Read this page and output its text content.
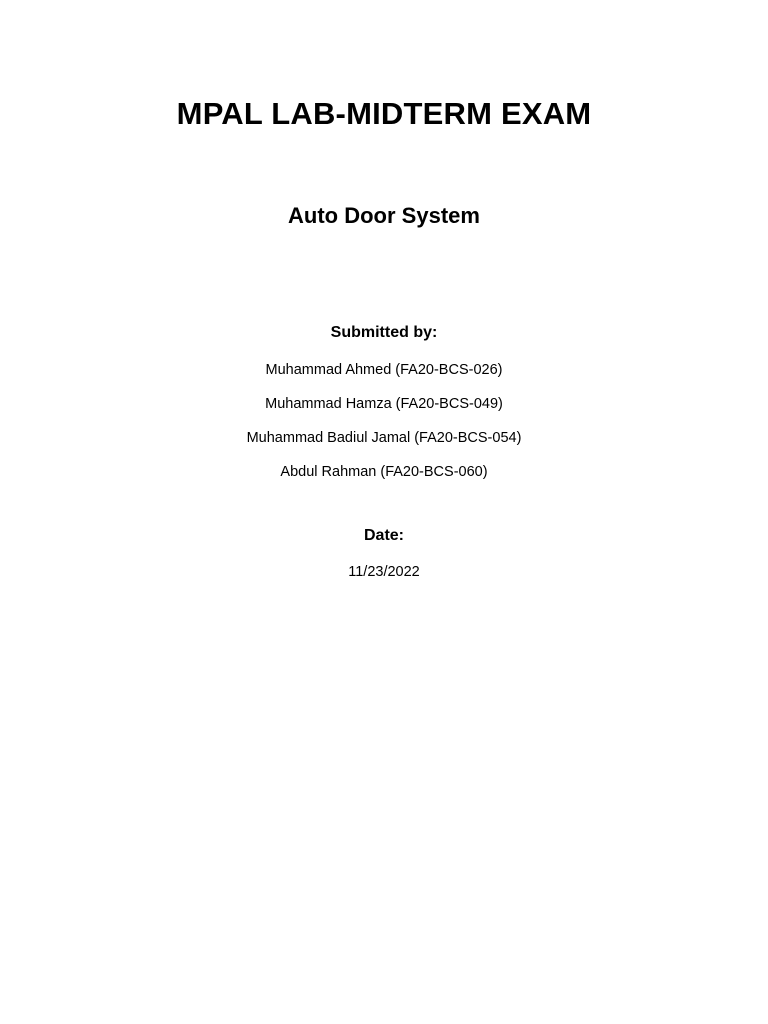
MPAL LAB-MIDTERM EXAM
Auto Door System
Submitted by:
Muhammad Ahmed (FA20-BCS-026)
Muhammad Hamza (FA20-BCS-049)
Muhammad Badiul Jamal (FA20-BCS-054)
Abdul Rahman (FA20-BCS-060)
Date:
11/23/2022
